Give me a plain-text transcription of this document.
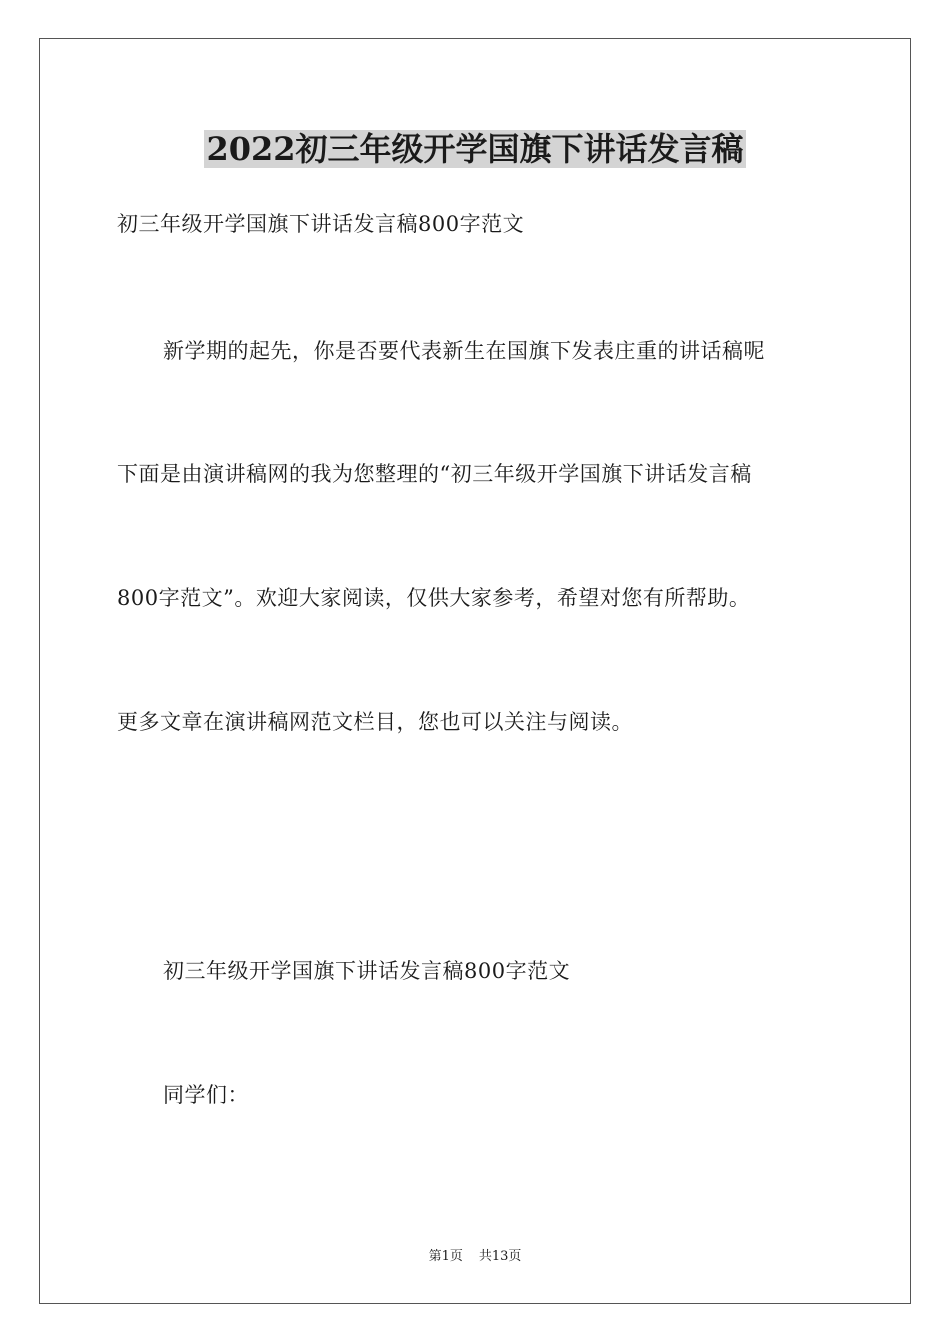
2022初三年级开学国旗下讲话发言稿
初三年级开学国旗下讲话发言稿800字范文
新学期的起先，你是否要代表新生在国旗下发表庄重的讲话稿呢
下面是由演讲稿网的我为您整理的“初三年级开学国旗下讲话发言稿
800字范文”。欢迎大家阅读，仅供大家参考，希望对您有所帮助。
更多文章在演讲稿网范文栏目，您也可以关注与阅读。
初三年级开学国旗下讲话发言稿800字范文
同学们：
第1页 共13页
